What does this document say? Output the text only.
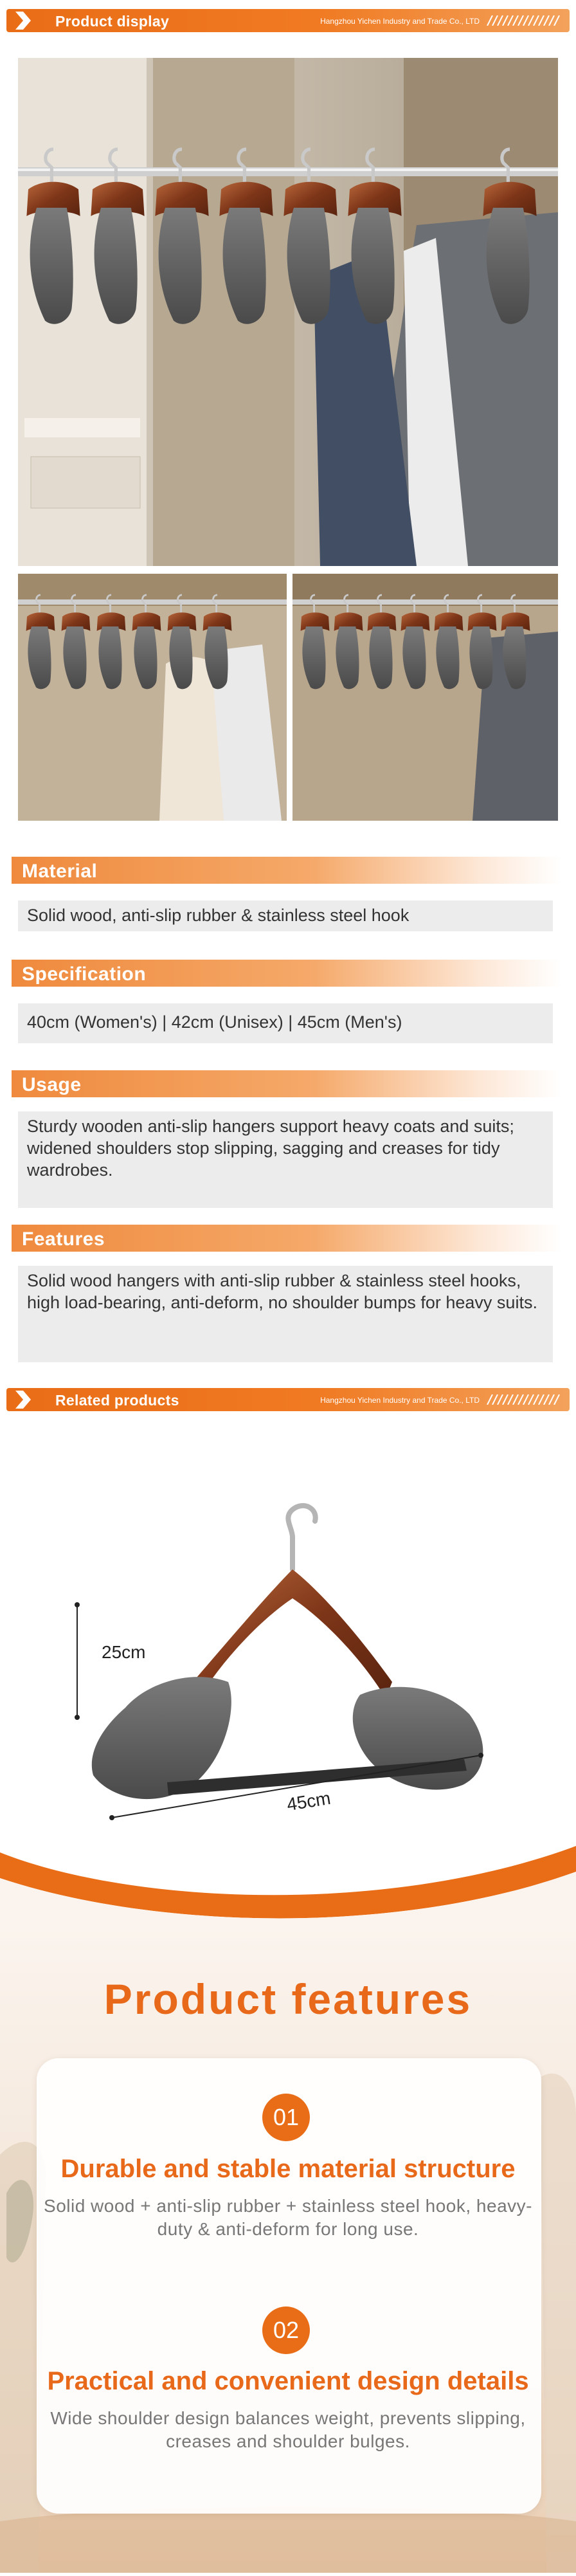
Product display	Hangzhou Yichen Industry and Trade Co., LTD
Material
Solid wood, anti-slip rubber & stainless steel hook
Specification
40cm (Women's) | 42cm (Unisex) | 45cm (Men's)
Usage
Sturdy wooden anti-slip hangers support heavy coats and suits; widened shoulders stop slipping, sagging and creases for tidy wardrobes.
Features
Solid wood hangers with anti-slip rubber & stainless steel hooks, high load-bearing, anti-deform, no shoulder bumps for heavy suits.
Related products	Hangzhou Yichen Industry and Trade Co., LTD
25cm
45cm
Product features
01
Durable and stable material structure
Solid wood + anti-slip rubber + stainless steel hook, heavy-duty & anti-deform for long use.
02
Practical and convenient design details
Wide shoulder design balances weight, prevents slipping, creases and shoulder bulges.
